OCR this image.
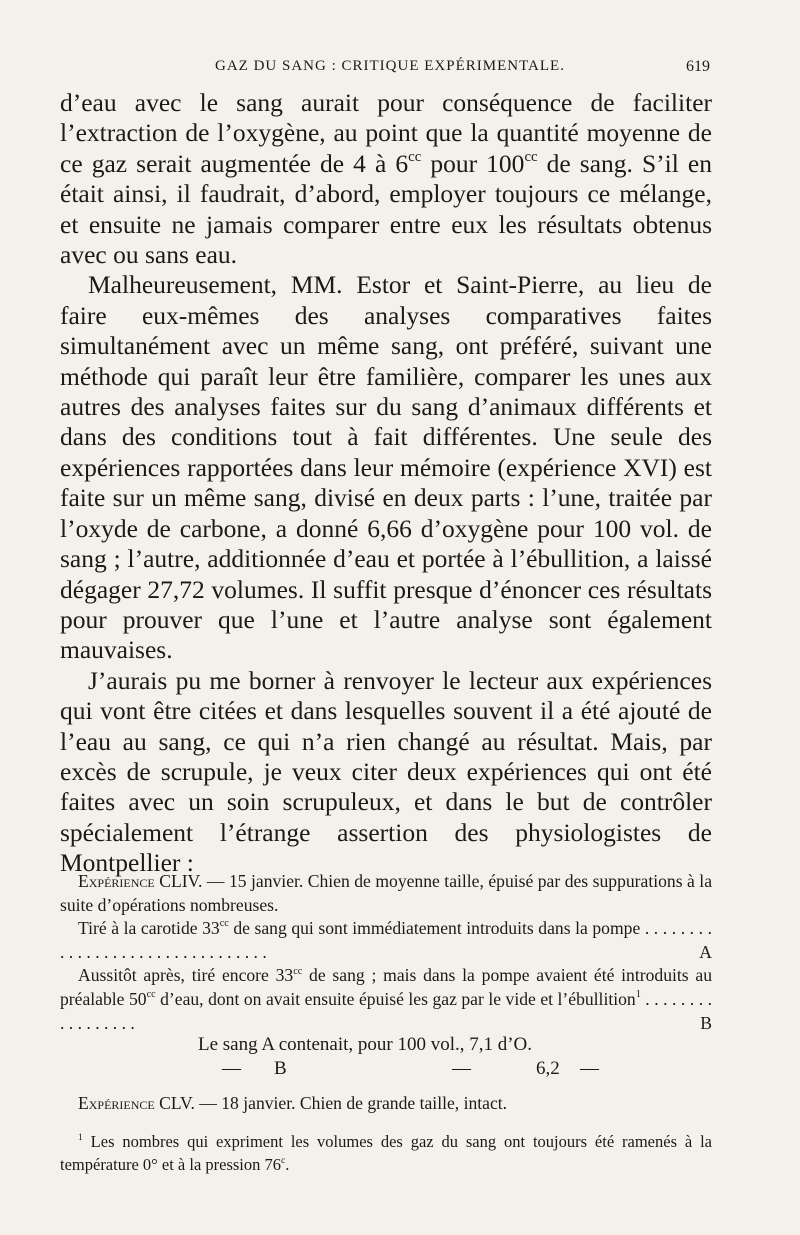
GAZ DU SANG : CRITIQUE EXPÉRIMENTALE.	619

d’eau avec le sang aurait pour conséquence de faciliter l’extraction de l’oxygène, au point que la quantité moyenne de ce gaz serait augmentée de 4 à $6^{cc}$ pour $100^{cc}$ de sang. S’il en était ainsi, il faudrait, d’abord, employer toujours ce mélange, et ensuite ne jamais comparer entre eux les résultats obtenus avec ou sans eau.

Malheureusement, MM. Estor et Saint-Pierre, au lieu de faire eux-mêmes des analyses comparatives faites simultanément avec un même sang, ont préféré, suivant une méthode qui paraît leur être familière, comparer les unes aux autres des analyses faites sur du sang d’animaux différents et dans des conditions tout à fait différentes. Une seule des expériences rapportées dans leur mémoire (expérience XVI) est faite sur un même sang, divisé en deux parts : l’une, traitée par l’oxyde de carbone, a donné 6,66 d’oxygène pour 100 vol. de sang ; l’autre, additionnée d’eau et portée à l’ébullition, a laissé dégager 27,72 volumes. Il suffit presque d’énoncer ces résultats pour prouver que l’une et l’autre analyse sont également mauvaises.

J’aurais pu me borner à renvoyer le lecteur aux expériences qui vont être citées et dans lesquelles souvent il a été ajouté de l’eau au sang, ce qui n’a rien changé au résultat. Mais, par excès de scrupule, je veux citer deux expériences qui ont été faites avec un soin scrupuleux, et dans le but de contrôler spécialement l’étrange assertion des physiologistes de Montpellier :

Expérience CLIV. — 15 janvier. Chien de moyenne taille, épuisé par des suppurations à la suite d’opérations nombreuses.

Tiré à la carotide $33^{cc}$ de sang qui sont immédiatement introduits dans la pompe . . . . . . . . . . . . . . . . . . . . . . . . . . . . . . . .	A

Aussitôt après, tiré encore $33^{cc}$ de sang ; mais dans la pompe avaient été introduits au préalable $50^{cc}$ d’eau, dont on avait ensuite épuisé les gaz par le vide et l’ébullition$^1$ . . . . . . . . . . . . . . . . .	B

Le sang A contenait, pour 100 vol., 7,1 d’O.
— B	—	6,2 —

Expérience CLV. — 18 janvier. Chien de grande taille, intact.

$^1$ Les nombres qui expriment les volumes des gaz du sang ont toujours été ramenés à la température 0° et à la pression 76$^c$.
